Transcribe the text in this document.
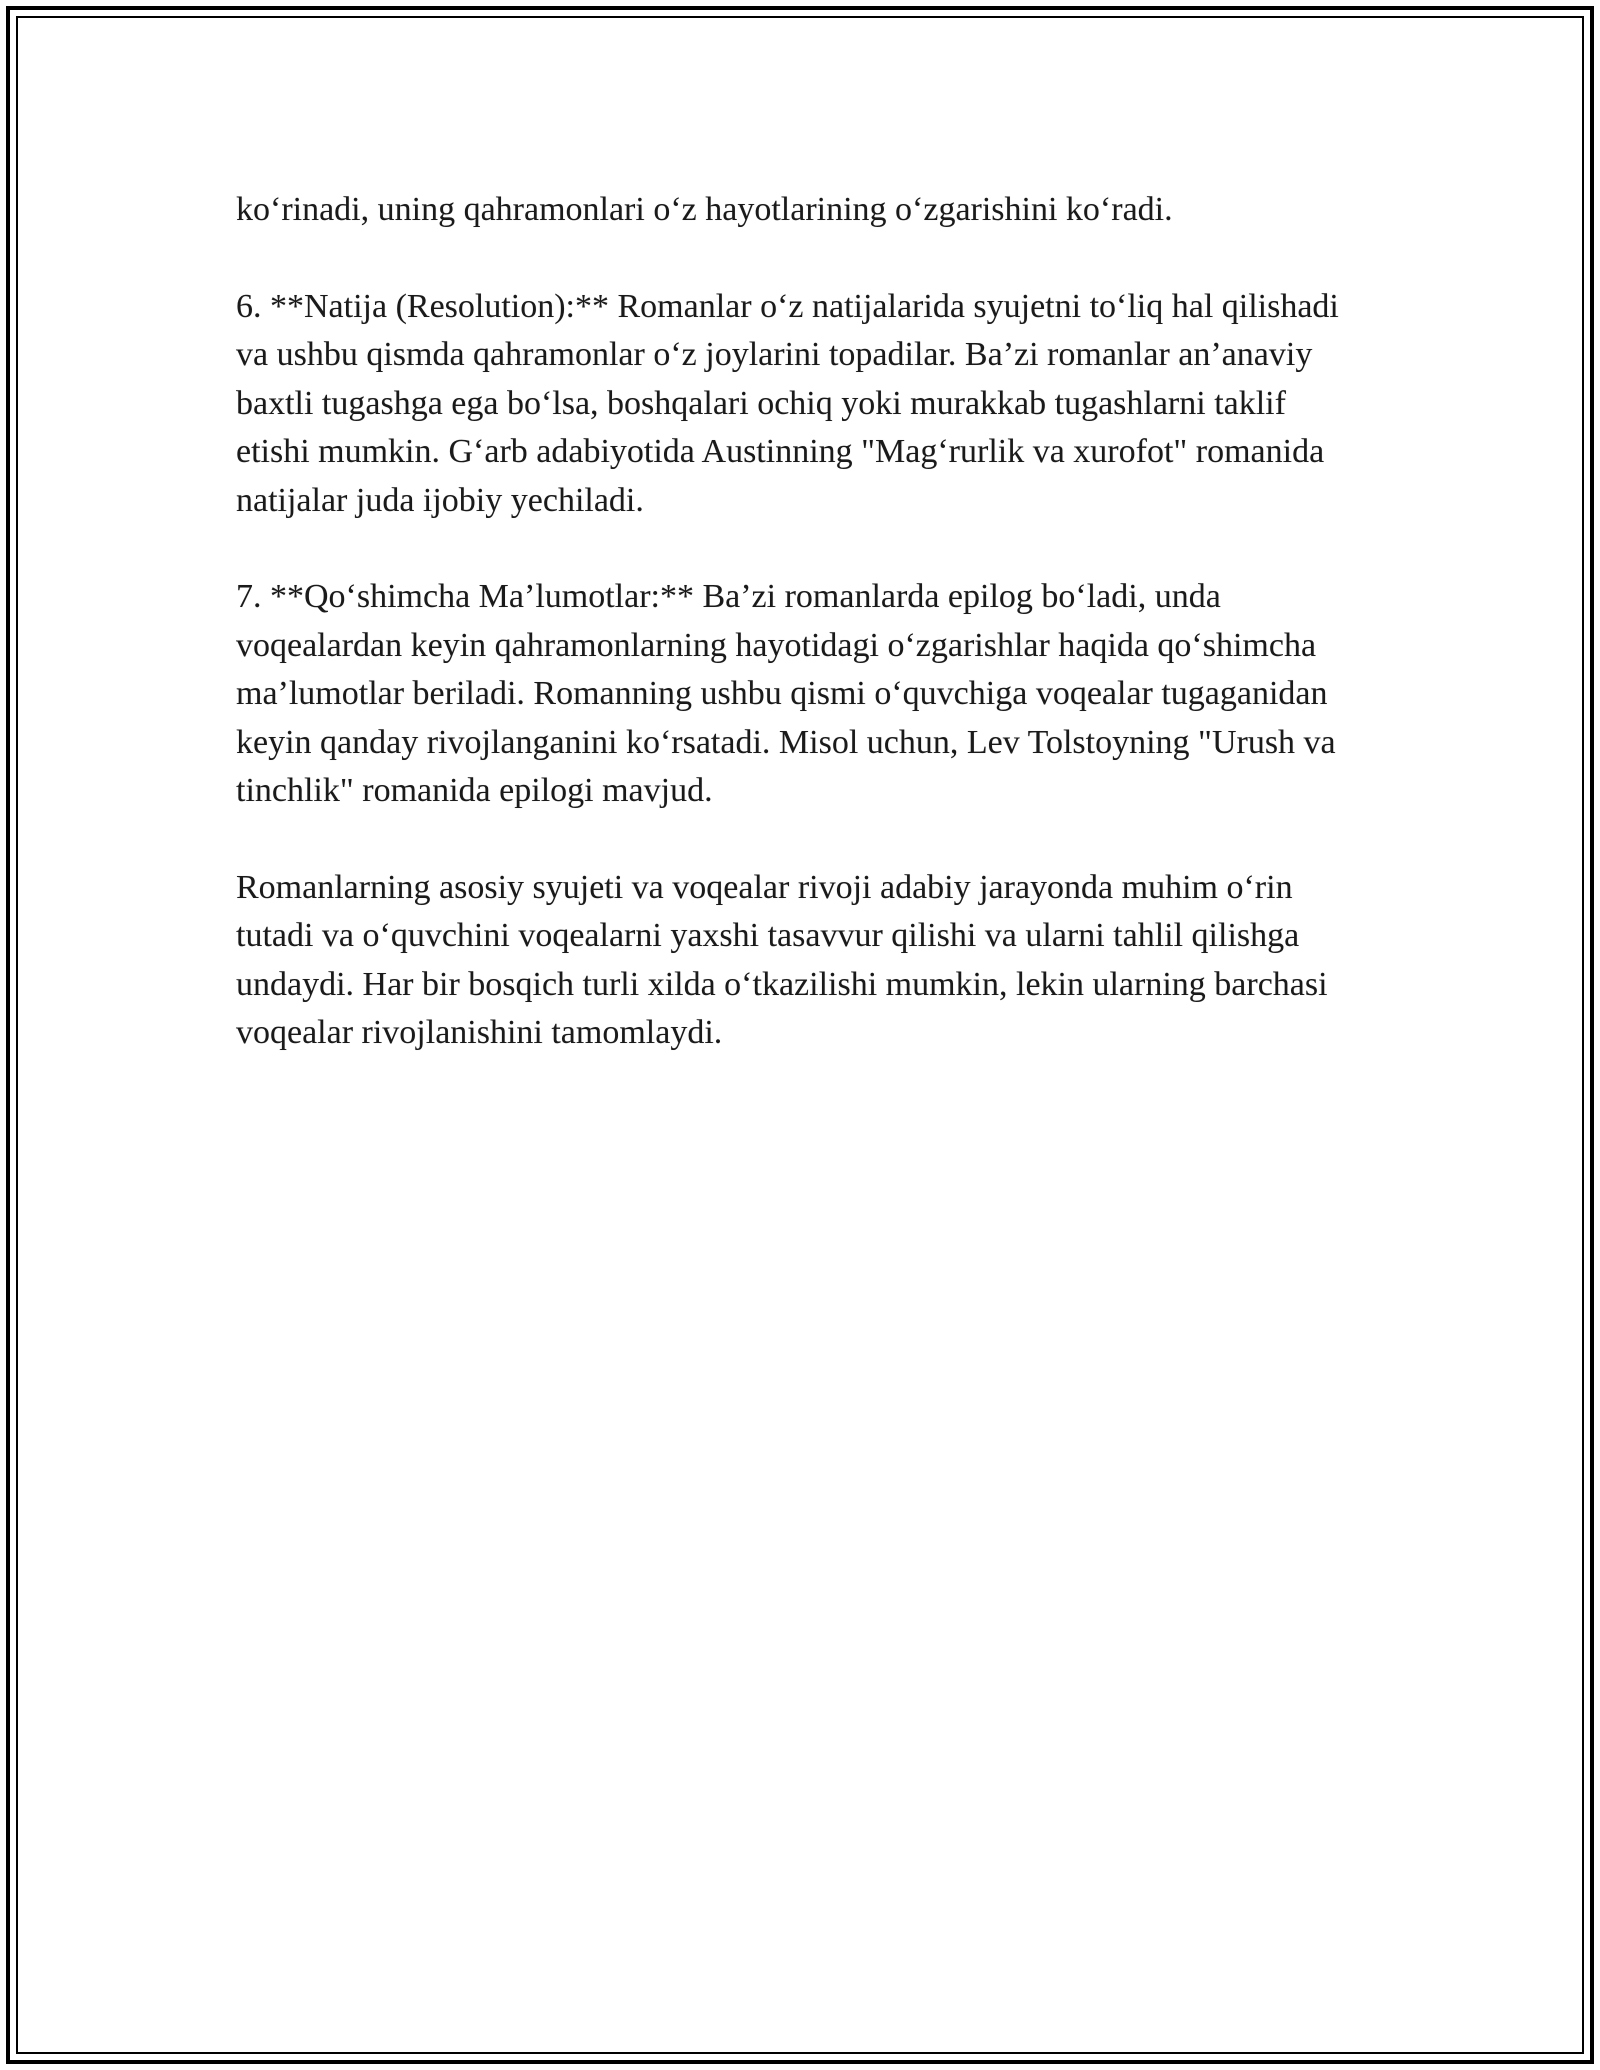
ko‘rinadi, uning qahramonlari o‘z hayotlarining o‘zgarishini ko‘radi.

6. **Natija (Resolution):** Romanlar o‘z natijalarida syujetni to‘liq hal qilishadi va ushbu qismda qahramonlar o‘z joylarini topadilar. Ba’zi romanlar an’anaviy baxtli tugashga ega bo‘lsa, boshqalari ochiq yoki murakkab tugashlarni taklif etishi mumkin. G‘arb adabiyotida Austinning "Mag‘rurlik va xurofot" romanida natijalar juda ijobiy yechiladi.

7. **Qo‘shimcha Ma’lumotlar:** Ba’zi romanlarda epilog bo‘ladi, unda voqealardan keyin qahramonlarning hayotidagi o‘zgarishlar haqida qo‘shimcha ma’lumotlar beriladi. Romanning ushbu qismi o‘quvchiga voqealar tugaganidan keyin qanday rivojlanganini ko‘rsatadi. Misol uchun, Lev Tolstoyning "Urush va tinchlik" romanida epilogi mavjud.

Romanlarning asosiy syujeti va voqealar rivoji adabiy jarayonda muhim o‘rin tutadi va o‘quvchini voqealarni yaxshi tasavvur qilishi va ularni tahlil qilishga undaydi. Har bir bosqich turli xilda o‘tkazilishi mumkin, lekin ularning barchasi voqealar rivojlanishini tamomlaydi.
